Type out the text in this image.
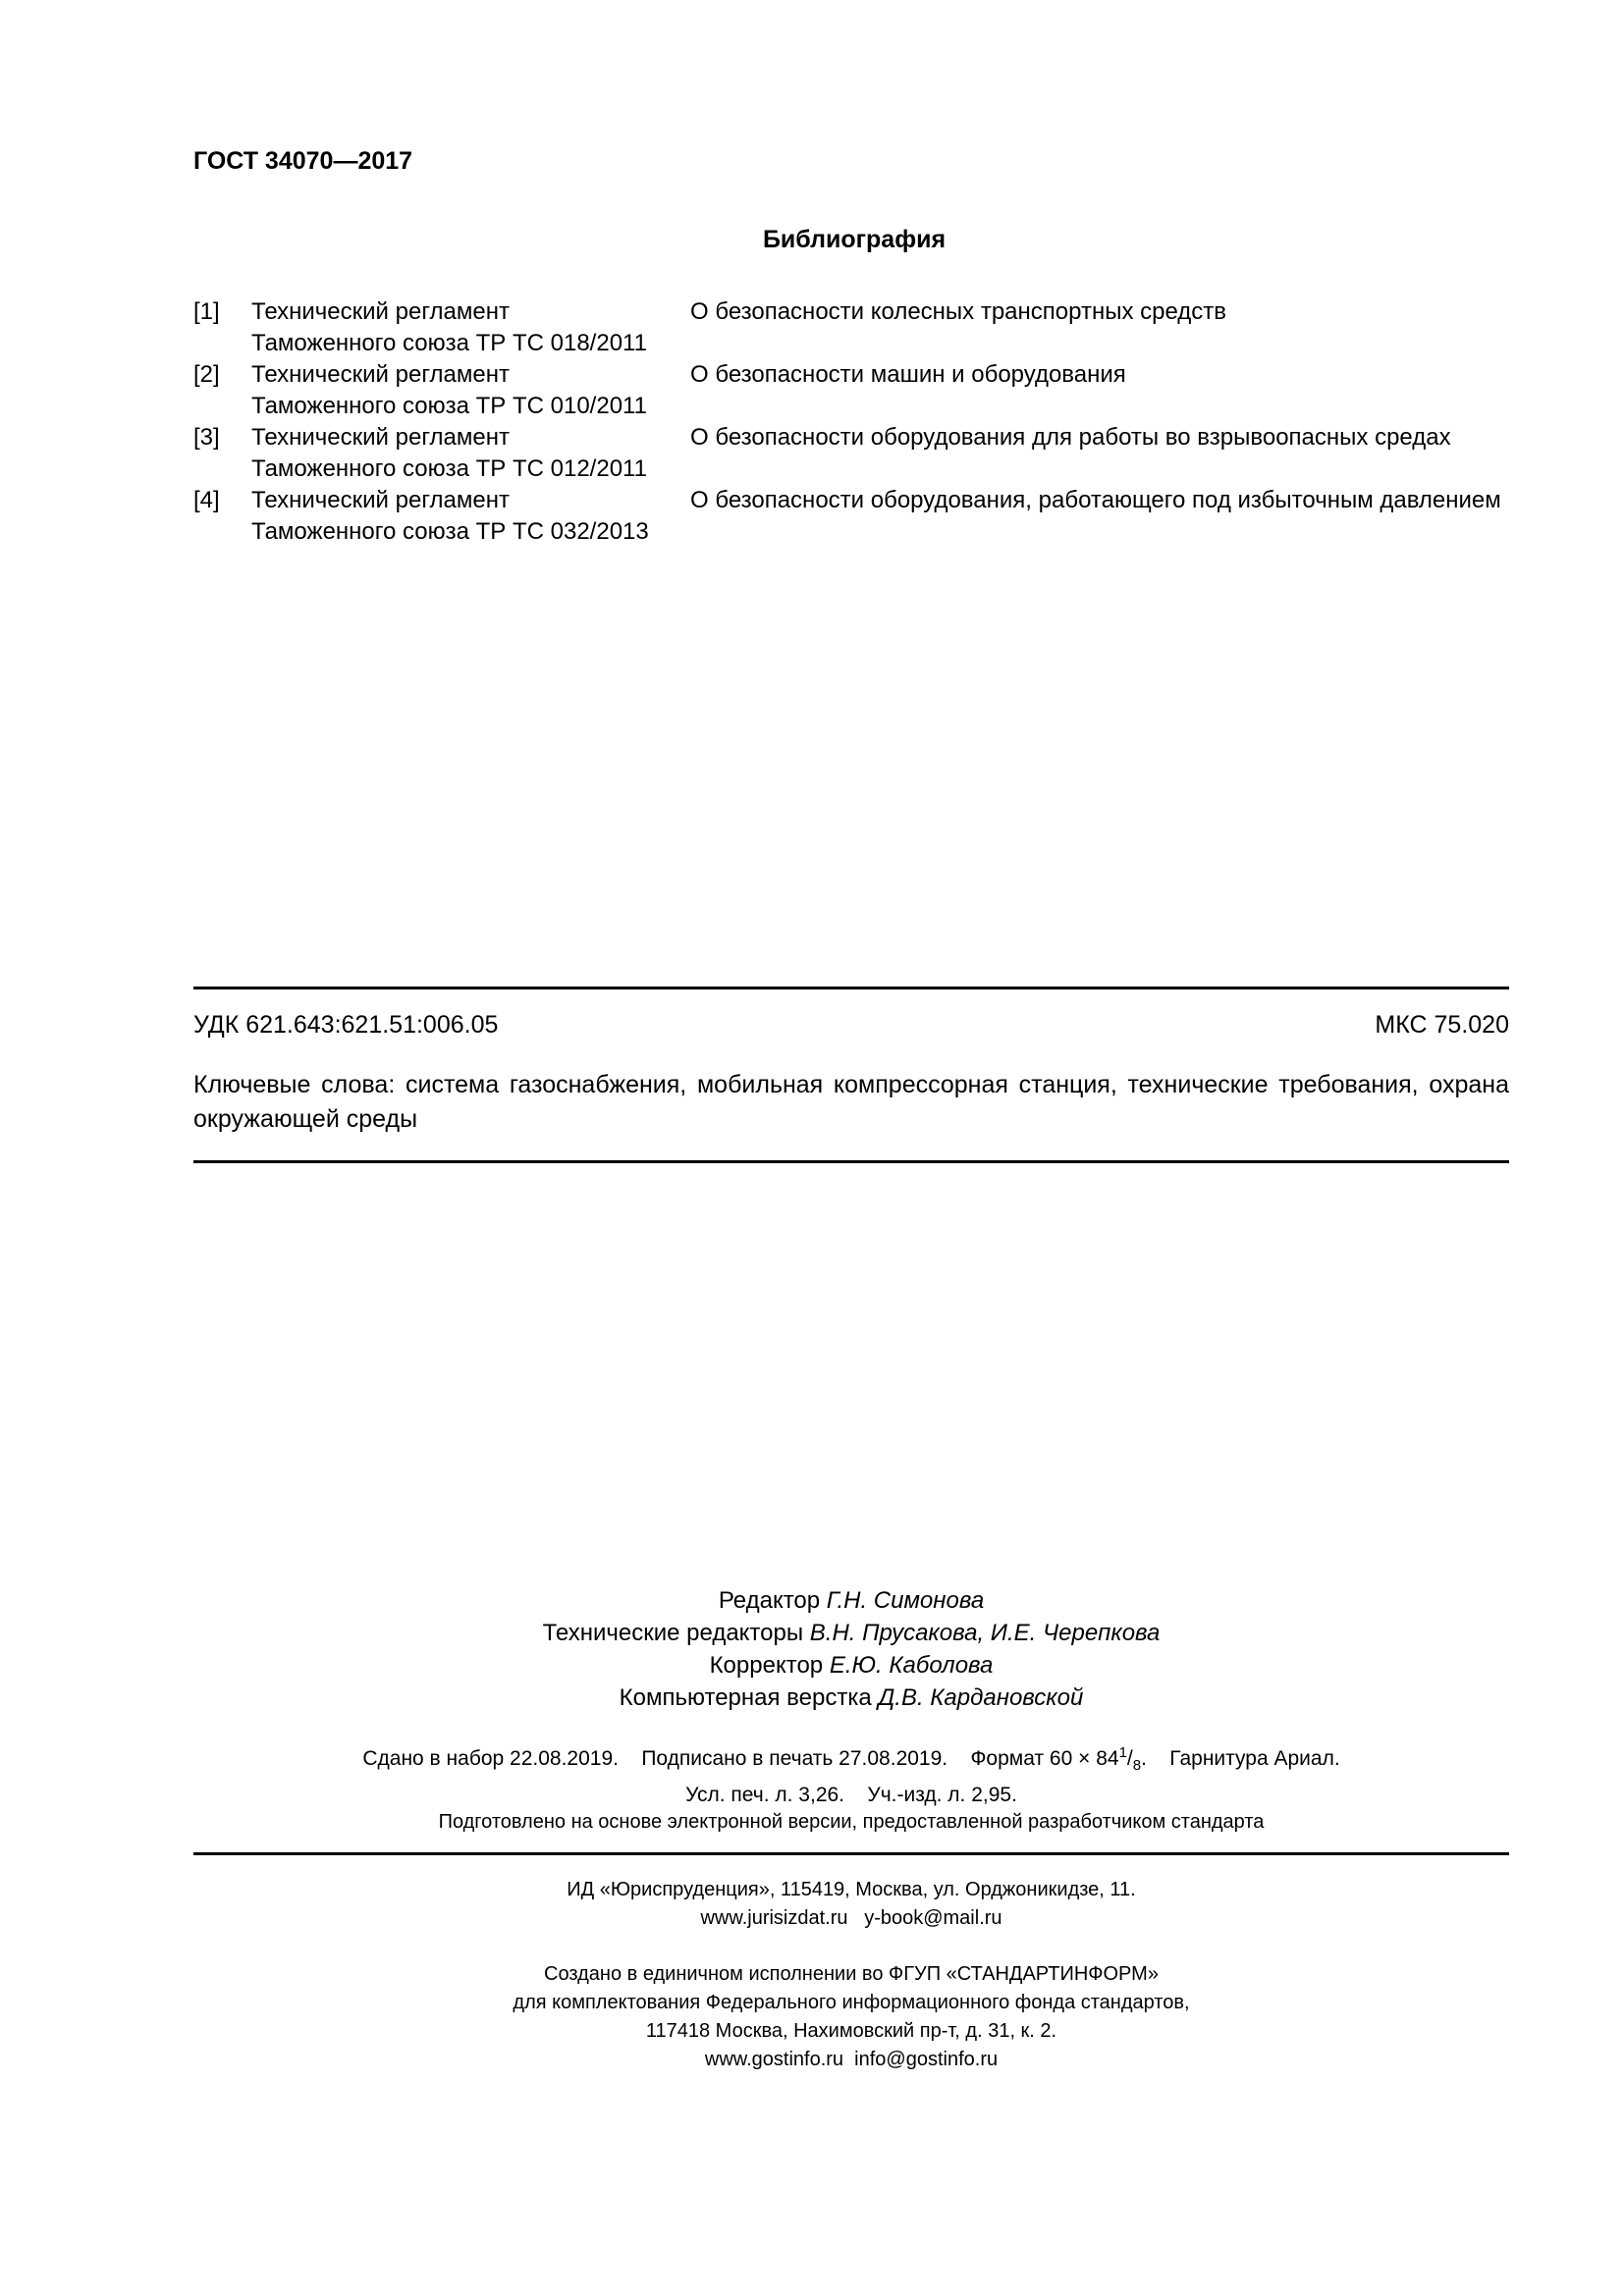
ГОСТ 34070—2017
Библиография
[1]	Технический регламент
Таможенного союза ТР ТС 018/2011
О безопасности колесных транспортных средств
[2]	Технический регламент
Таможенного союза ТР ТС 010/2011
О безопасности машин и оборудования
[3]	Технический регламент
Таможенного союза ТР ТС 012/2011
О безопасности оборудования для работы во взрывоопасных средах
[4]	Технический регламент
Таможенного союза ТР ТС 032/2013
О безопасности оборудования, работающего под избыточным давлением
УДК 621.643:621.51:006.05	МКС 75.020
Ключевые слова: система газоснабжения, мобильная компрессорная станция, технические требования, охрана окружающей среды
Редактор Г.Н. Симонова
Технические редакторы В.Н. Прусакова, И.Е. Черепкова
Корректор Е.Ю. Каболова
Компьютерная верстка Д.В. Кардановской
Сдано в набор 22.08.2019. Подписано в печать 27.08.2019. Формат $60 \times 84^1/_8$. Гарнитура Ариал.
Усл. печ. л. 3,26. Уч.-изд. л. 2,95.
Подготовлено на основе электронной версии, предоставленной разработчиком стандарта
ИД «Юриспруденция», 115419, Москва, ул. Орджоникидзе, 11.
www.jurisizdat.ru y-book@mail.ru
Создано в единичном исполнении во ФГУП «СТАНДАРТИНФОРМ»
для комплектования Федерального информационного фонда стандартов,
117418 Москва, Нахимовский пр-т, д. 31, к. 2.
www.gostinfo.ru info@gostinfo.ru
